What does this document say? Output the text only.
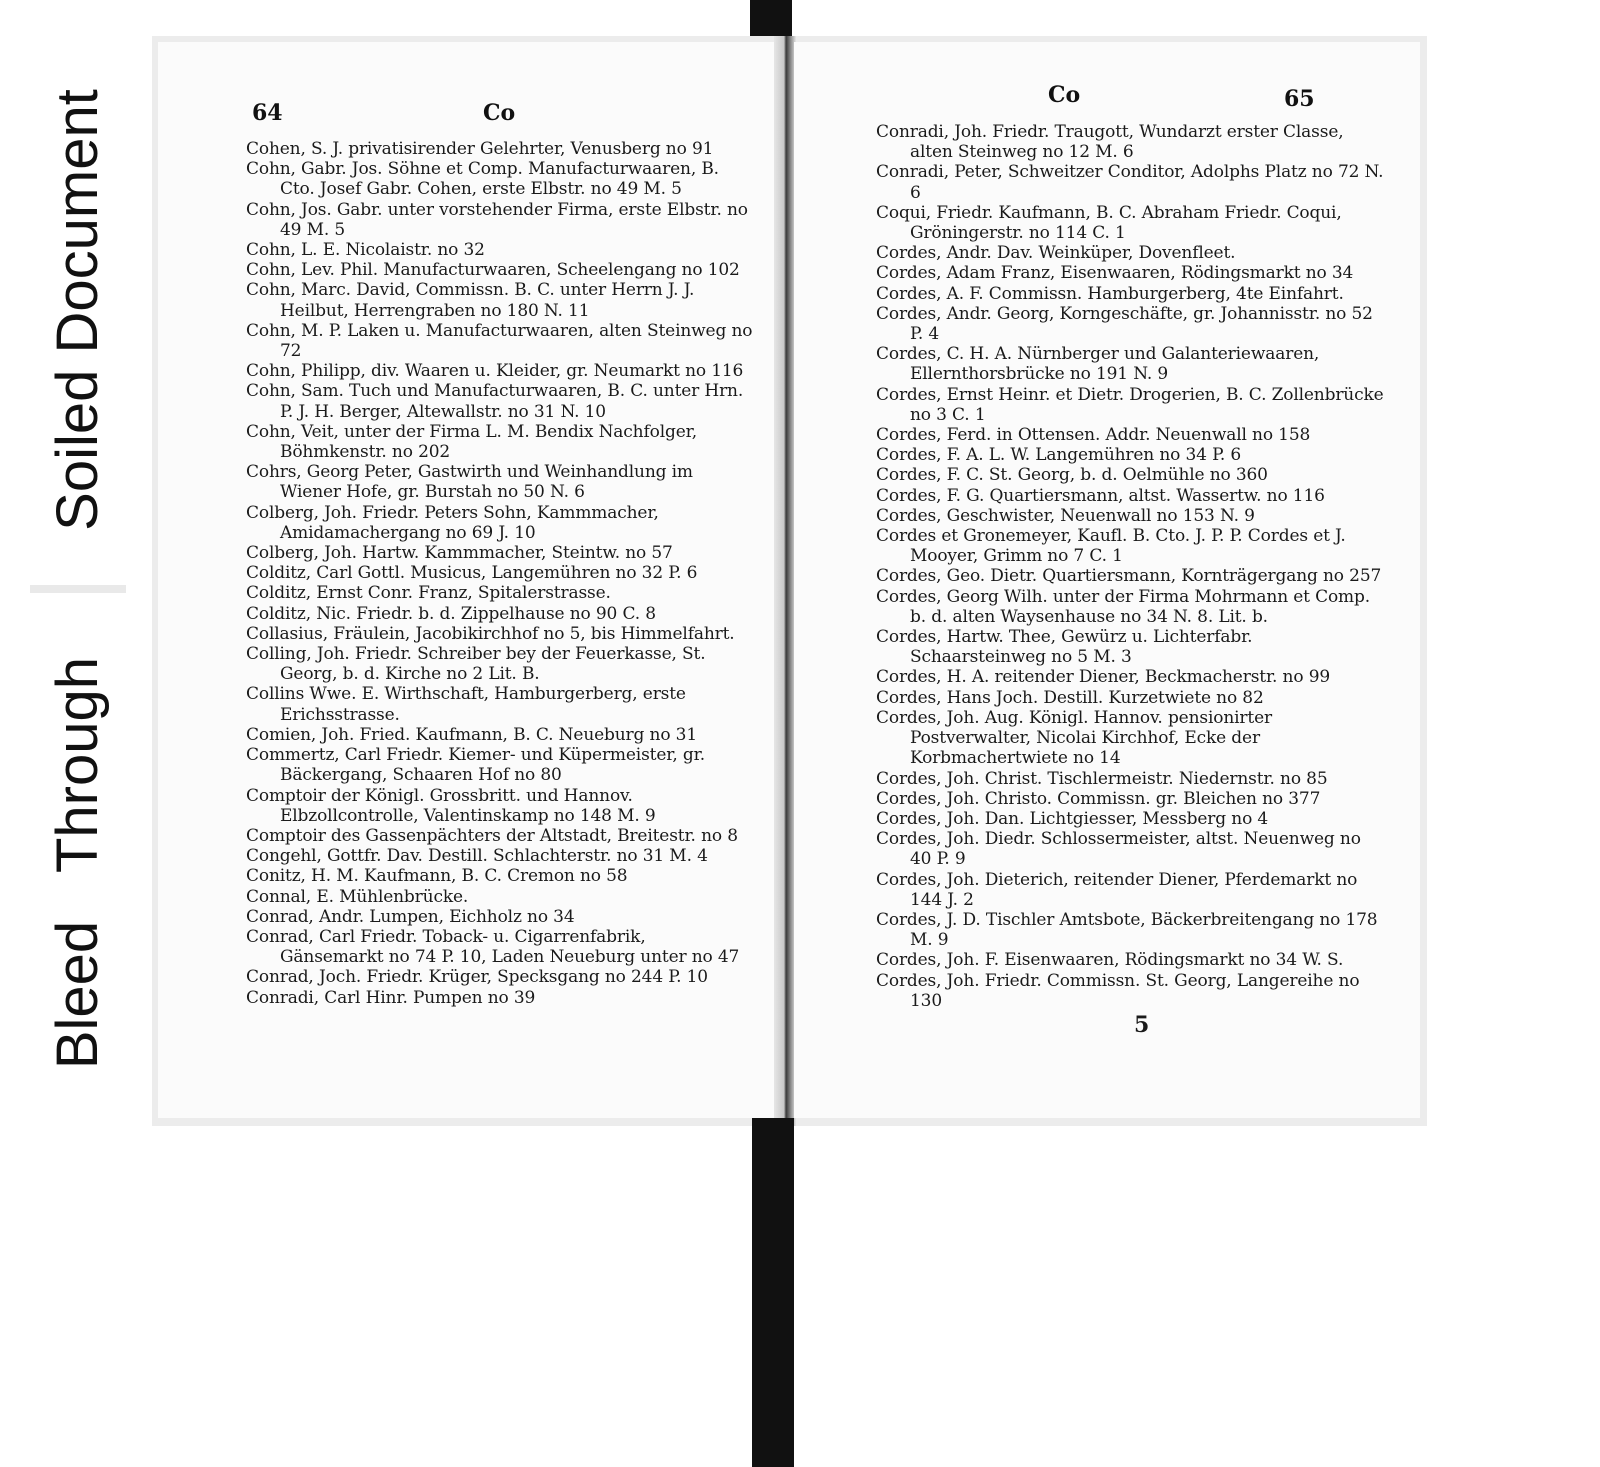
Bleed
Through
Soiled Document	64	Co

Cohen, S. J. privatisirender Gelehrter, Venusberg no 91

Cohn, Gabr. Jos. Söhne et Comp. Manufacturwaaren, B. Cto. Josef Gabr. Cohen, erste Elbstr. no 49 M. 5

Cohn, Jos. Gabr. unter vorstehender Firma, erste Elbstr. no 49 M. 5

Cohn, L. E. Nicolaistr. no 32

Cohn, Lev. Phil. Manufacturwaaren, Scheelengang no 102

Cohn, Marc. David, Commissn. B. C. unter Herrn J. J. Heilbut, Herrengraben no 180 N. 11

Cohn, M. P. Laken u. Manufacturwaaren, alten Steinweg no 72

Cohn, Philipp, div. Waaren u. Kleider, gr. Neumarkt no 116

Cohn, Sam. Tuch und Manufacturwaaren, B. C. unter Hrn. P. J. H. Berger, Altewallstr. no 31 N. 10

Cohn, Veit, unter der Firma L. M. Bendix Nachfolger, Böhmkenstr. no 202

Cohrs, Georg Peter, Gastwirth und Weinhandlung im Wiener Hofe, gr. Burstah no 50 N. 6

Colberg, Joh. Friedr. Peters Sohn, Kammmacher, Amidamachergang no 69 J. 10

Colberg, Joh. Hartw. Kammmacher, Steintw. no 57

Colditz, Carl Gottl. Musicus, Langemühren no 32 P. 6

Colditz, Ernst Conr. Franz, Spitalerstrasse.

Colditz, Nic. Friedr. b. d. Zippelhause no 90 C. 8

Collasius, Fräulein, Jacobikirchhof no 5, bis Himmelfahrt.

Colling, Joh. Friedr. Schreiber bey der Feuerkasse, St. Georg, b. d. Kirche no 2 Lit. B.

Collins Wwe. E. Wirthschaft, Hamburgerberg, erste Erichsstrasse.

Comien, Joh. Fried. Kaufmann, B. C. Neueburg no 31

Commertz, Carl Friedr. Kiemer- und Küpermeister, gr. Bäckergang, Schaaren Hof no 80

Comptoir der Königl. Grossbritt. und Hannov. Elbzollcontrolle, Valentinskamp no 148 M. 9

Comptoir des Gassenpächters der Altstadt, Breitestr. no 8

Congehl, Gottfr. Dav. Destill. Schlachterstr. no 31 M. 4

Conitz, H. M. Kaufmann, B. C. Cremon no 58

Connal, E. Mühlenbrücke.

Conrad, Andr. Lumpen, Eichholz no 34

Conrad, Carl Friedr. Toback- u. Cigarrenfabrik, Gänsemarkt no 74 P. 10, Laden Neueburg unter no 47

Conrad, Joch. Friedr. Krüger, Specksgang no 244 P. 10

Conradi, Carl Hinr. Pumpen no 39

Co	65

Conradi, Joh. Friedr. Traugott, Wundarzt erster Classe, alten Steinweg no 12 M. 6

Conradi, Peter, Schweitzer Conditor, Adolphs Platz no 72 N. 6

Coqui, Friedr. Kaufmann, B. C. Abraham Friedr. Coqui, Gröningerstr. no 114 C. 1

Cordes, Andr. Dav. Weinküper, Dovenfleet.

Cordes, Adam Franz, Eisenwaaren, Rödingsmarkt no 34

Cordes, A. F. Commissn. Hamburgerberg, 4te Einfahrt.

Cordes, Andr. Georg, Korngeschäfte, gr. Johannisstr. no 52 P. 4

Cordes, C. H. A. Nürnberger und Galanteriewaaren, Ellernthorsbrücke no 191 N. 9

Cordes, Ernst Heinr. et Dietr. Drogerien, B. C. Zollenbrücke no 3 C. 1

Cordes, Ferd. in Ottensen. Addr. Neuenwall no 158

Cordes, F. A. L. W. Langemühren no 34 P. 6

Cordes, F. C. St. Georg, b. d. Oelmühle no 360

Cordes, F. G. Quartiersmann, altst. Wassertw. no 116

Cordes, Geschwister, Neuenwall no 153 N. 9

Cordes et Gronemeyer, Kaufl. B. Cto. J. P. P. Cordes et J. Mooyer, Grimm no 7 C. 1

Cordes, Geo. Dietr. Quartiersmann, Kornträgergang no 257

Cordes, Georg Wilh. unter der Firma Mohrmann et Comp. b. d. alten Waysenhause no 34 N. 8. Lit. b.

Cordes, Hartw. Thee, Gewürz u. Lichterfabr. Schaarsteinweg no 5 M. 3

Cordes, H. A. reitender Diener, Beckmacherstr. no 99

Cordes, Hans Joch. Destill. Kurzetwiete no 82

Cordes, Joh. Aug. Königl. Hannov. pensionirter Postverwalter, Nicolai Kirchhof, Ecke der Korbmachertwiete no 14

Cordes, Joh. Christ. Tischlermeistr. Niedernstr. no 85

Cordes, Joh. Christo. Commissn. gr. Bleichen no 377

Cordes, Joh. Dan. Lichtgiesser, Messberg no 4

Cordes, Joh. Diedr. Schlossermeister, altst. Neuenweg no 40 P. 9

Cordes, Joh. Dieterich, reitender Diener, Pferdemarkt no 144 J. 2

Cordes, J. D. Tischler Amtsbote, Bäckerbreitengang no 178 M. 9

Cordes, Joh. F. Eisenwaaren, Rödingsmarkt no 34 W. S.

Cordes, Joh. Friedr. Commissn. St. Georg, Langereihe no 130

5
